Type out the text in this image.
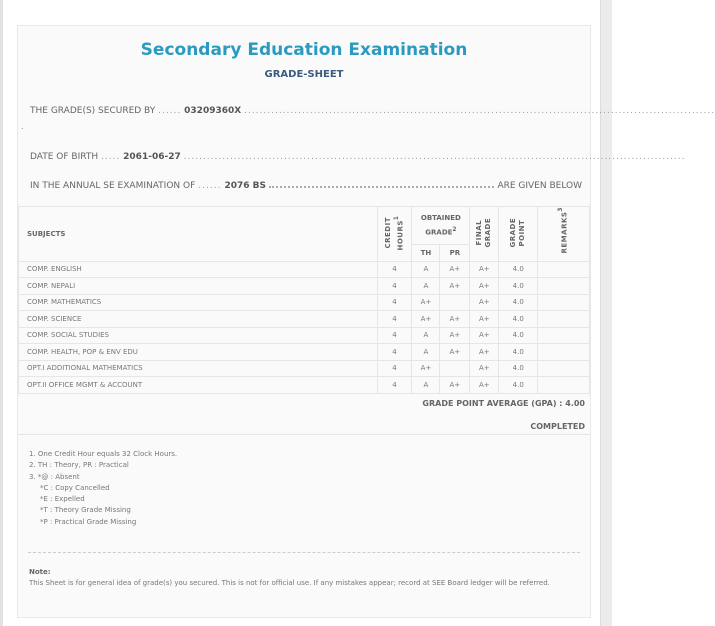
Secondary Education Examination
GRADE-SHEET
THE GRADE(S) SECURED BY ...... 03209360X ..........................................................................................................................
.
DATE OF BIRTH ..... 2061-06-27 ..................................................................................................................................
IN THE ANNUAL SE EXAMINATION OF ...... 2076 BS	ARE GIVEN BELOW
SUBJECTS	CREDIT HOURS$^1$	OBTAINED GRADE$^2$		FINAL GRADE	GRADE POINT	REMARKS$^3$
		TH	PR			
COMP. ENGLISH	4	A	A+	A+	4.0	
COMP. NEPALI	4	A	A+	A+	4.0	
COMP. MATHEMATICS	4	A+		A+	4.0	
COMP. SCIENCE	4	A+	A+	A+	4.0	
COMP. SOCIAL STUDIES	4	A	A+	A+	4.0	
COMP. HEALTH, POP & ENV EDU	4	A	A+	A+	4.0	
OPT.I ADDITIONAL MATHEMATICS	4	A+		A+	4.0	
OPT.II OFFICE MGMT & ACCOUNT	4	A	A+	A+	4.0	
GRADE POINT AVERAGE (GPA) : 4.00
COMPLETED
1. One Credit Hour equals 32 Clock Hours.
2. TH : Theory, PR : Practical
3. *@ : Absent
*C : Copy Cancelled
*E : Expelled
*T : Theory Grade Missing
*P : Practical Grade Missing
Note:
This Sheet is for general idea of grade(s) you secured. This is not for official use. If any mistakes appear; record at SEE Board ledger will be referred.
